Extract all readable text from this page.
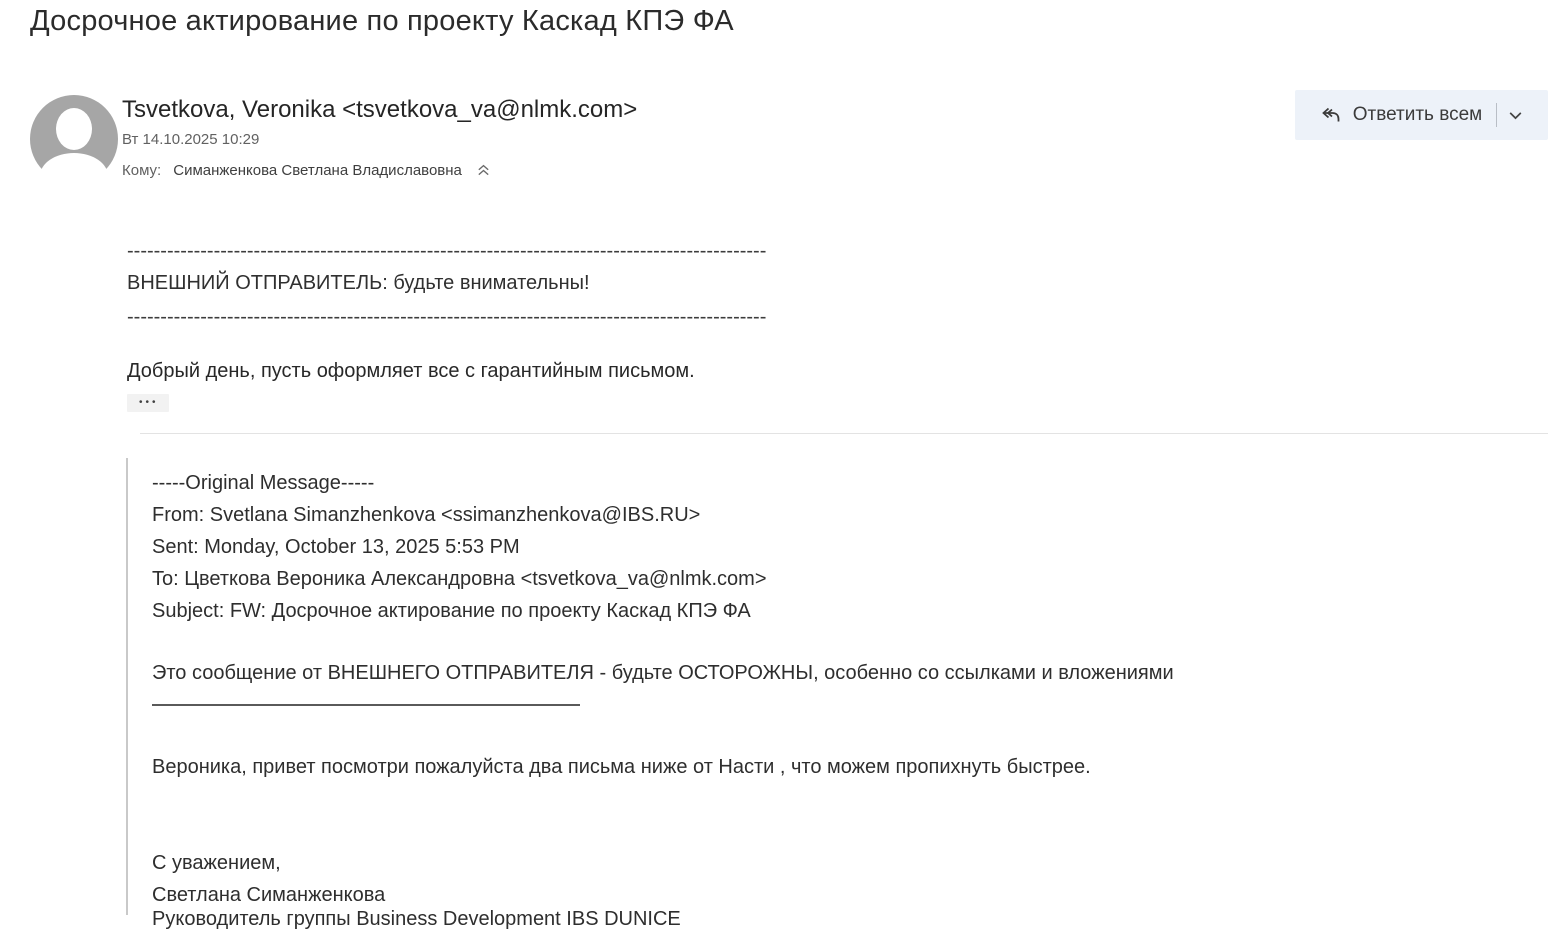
Досрочное актирование по проекту Каскад КПЭ ФА
Tsvetkova, Veronika <tsvetkova_va@nlmk.com>
Вт 14.10.2025 10:29
Кому: Симанженкова Светлана Владиславовна
Ответить всем
------------------------------------------------------------------------------------------------
ВНЕШНИЙ ОТПРАВИТЕЛЬ: будьте внимательны!
------------------------------------------------------------------------------------------------
Добрый день, пусть оформляет все с гарантийным письмом.
•••
-----Original Message-----
From: Svetlana Simanzhenkova <ssimanzhenkova@IBS.RU>
Sent: Monday, October 13, 2025 5:53 PM
To: Цветкова Вероника Александровна <tsvetkova_va@nlmk.com>
Subject: FW: Досрочное актирование по проекту Каскад КПЭ ФА
Это сообщение от ВНЕШНЕГО ОТПРАВИТЕЛЯ - будьте ОСТОРОЖНЫ, особенно со ссылками и вложениями
Вероника, привет посмотри пожалуйста два письма ниже от Насти , что можем пропихнуть быстрее.
С уважением,
Светлана Симанженкова
Руководитель группы Business Development IBS DUNICE
